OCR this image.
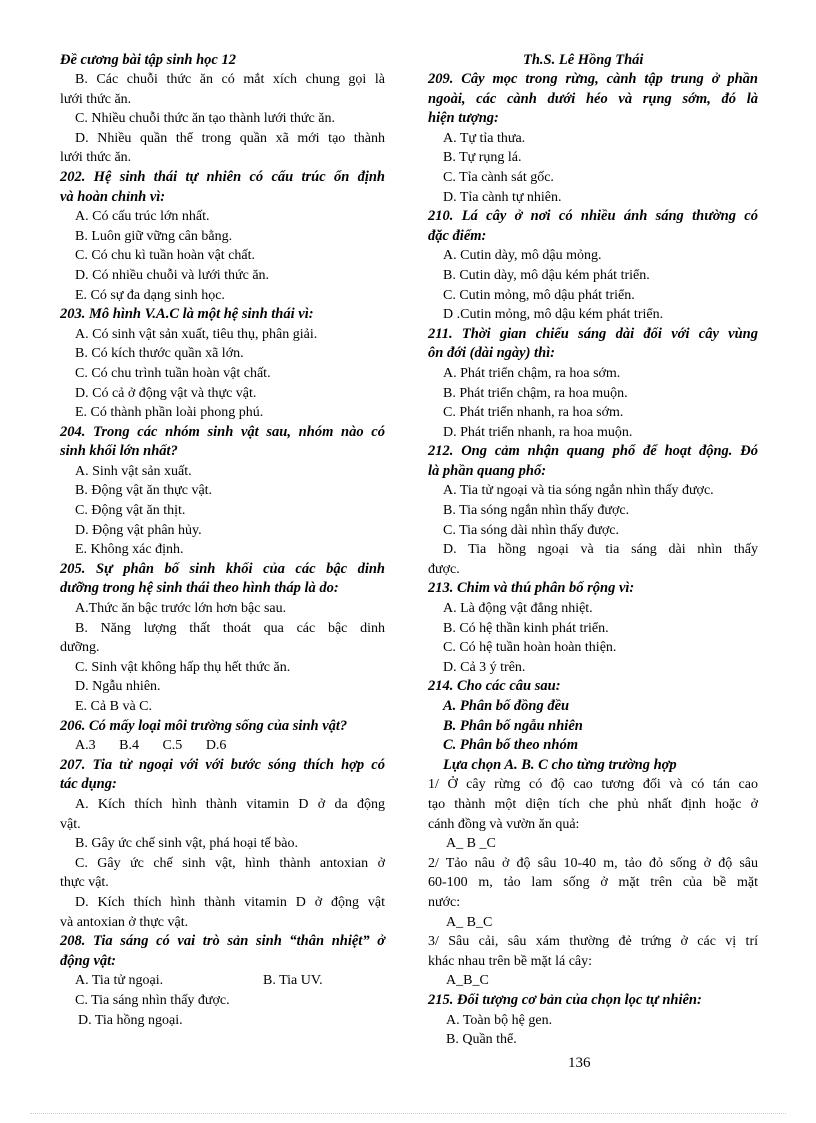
Đề cương bài tập sinh học 12	Th.S. Lê Hồng Thái
B. Các chuỗi thức ăn có mắt xích chung gọi là
lưới thức ăn.
C. Nhiều chuỗi thức ăn tạo thành lưới thức ăn.
D. Nhiều quần thể trong quần xã mới tạo thành
lưới thức ăn.
202. Hệ sinh thái tự nhiên có cấu trúc ổn định
và hoàn chỉnh vì:
A. Có cấu trúc lớn nhất.
B. Luôn giữ vững cân bằng.
C. Có chu kì tuần hoàn vật chất.
D. Có nhiều chuỗi và lưới thức ăn.
E. Có sự đa dạng sinh học.
203. Mô hình V.A.C là một hệ sinh thái vì:
A. Có sinh vật sản xuất, tiêu thụ, phân giải.
B. Có kích thước quần xã lớn.
C. Có chu trình tuần hoàn vật chất.
D. Có cả ở động vật và thực vật.
E. Có thành phần loài phong phú.
204. Trong các nhóm sinh vật sau, nhóm nào có
sinh khối lớn nhất?
A. Sinh vật sản xuất.
B. Động vật ăn thực vật.
C. Động vật ăn thịt.
D. Động vật phân hủy.
E. Không xác định.
205. Sự phân bố sinh khối của các bậc dinh
dưỡng trong hệ sinh thái theo hình tháp là do:
A.Thức ăn bậc trước lớn hơn bậc sau.
B. Năng lượng thất thoát qua các bậc dinh
dưỡng.
C. Sinh vật không hấp thụ hết thức ăn.
D. Ngẫu nhiên.
E. Cả B và C.
206. Có mấy loại môi trường sống của sinh vật?
A.3 B.4 C.5 D.6
207. Tia tử ngoại với với bước sóng thích hợp có
tác dụng:
A. Kích thích hình thành vitamin D ở da động
vật.
B. Gây ức chế sinh vật, phá hoại tế bào.
C. Gây ức chế sinh vật, hình thành antoxian ở
thực vật.
D. Kích thích hình thành vitamin D ở động vật
và antoxian ở thực vật.
208. Tia sáng có vai trò sản sinh “thân nhiệt” ở
động vật:
A. Tia tử ngoại.	B. Tia UV.
C. Tia sáng nhìn thấy được.
D. Tia hồng ngoại.
209. Cây mọc trong rừng, cành tập trung ở phần
ngoài, các cành dưới héo và rụng sớm, đó là
hiện tượng:
A. Tự tỉa thưa.
B. Tự rụng lá.
C. Tỉa cành sát gốc.
D. Tỉa cành tự nhiên.
210. Lá cây ở nơi có nhiều ánh sáng thường có
đặc điểm:
A. Cutin dày, mô dậu mỏng.
B. Cutin dày, mô dậu kém phát triển.
C. Cutin mỏng, mô dậu phát triển.
D .Cutin mỏng, mô dậu kém phát triển.
211. Thời gian chiếu sáng dài đối với cây vùng
ôn đới (dài ngày) thì:
A. Phát triển chậm, ra hoa sớm.
B. Phát triển chậm, ra hoa muộn.
C. Phát triển nhanh, ra hoa sớm.
D. Phát triển nhanh, ra hoa muộn.
212. Ong cảm nhận quang phổ để hoạt động. Đó
là phần quang phổ:
A. Tia tử ngoại và tia sóng ngắn nhìn thấy được.
B. Tia sóng ngắn nhìn thấy được.
C. Tia sóng dài nhìn thấy được.
D. Tia hồng ngoại và tia sáng dài nhìn thấy
được.
213. Chim và thú phân bố rộng vì:
A. Là động vật đẳng nhiệt.
B. Có hệ thần kinh phát triển.
C. Có hệ tuần hoàn hoàn thiện.
D. Cả 3 ý trên.
214. Cho các câu sau:
A. Phân bố đồng đều
B. Phân bố ngẫu nhiên
C. Phân bố theo nhóm
Lựa chọn A. B. C cho từng trường hợp
1/ Ở cây rừng có độ cao tương đối và có tán cao
tạo thành một diện tích che phủ nhất định hoặc ở
cánh đồng và vườn ăn quả:
A_ B _C
2/ Tảo nâu ở độ sâu 10-40 m, tảo đỏ sống ở độ sâu
60-100 m, tảo lam sống ở mặt trên của bề mặt
nước:
A_ B_C
3/ Sâu cải, sâu xám thường đẻ trứng ở các vị trí
khác nhau trên bề mặt lá cây:
A_B_C
215. Đối tượng cơ bản của chọn lọc tự nhiên:
A. Toàn bộ hệ gen.
B. Quần thể.
136
